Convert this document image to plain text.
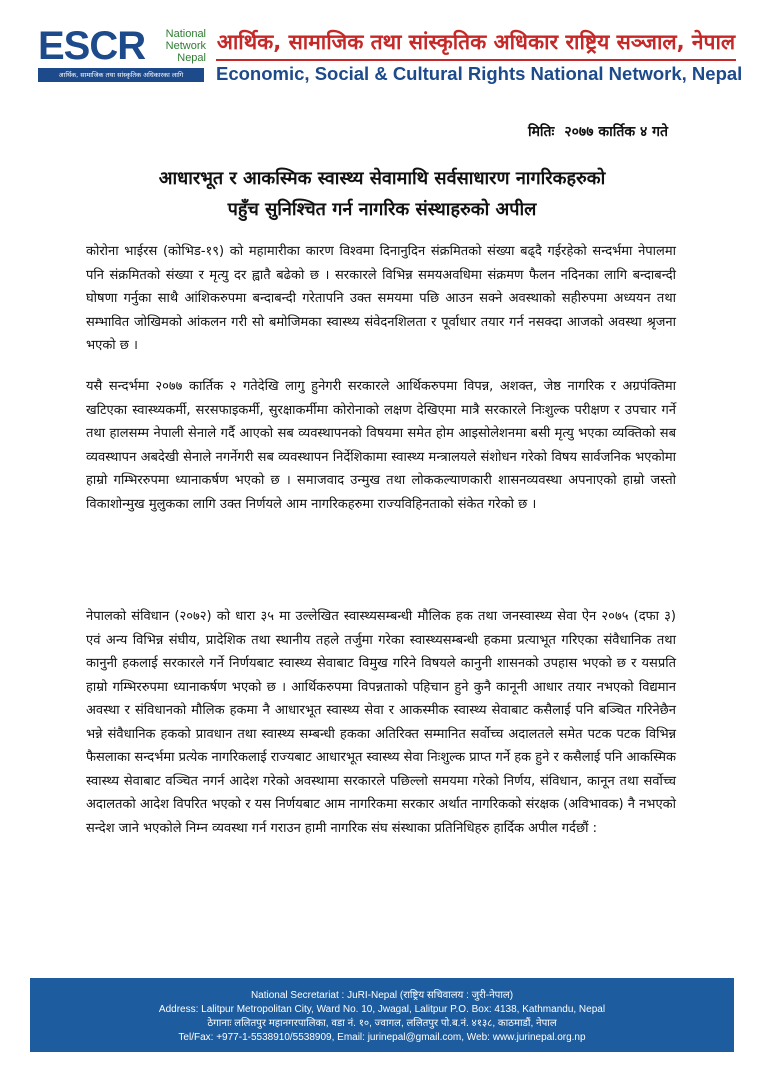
ESCR	National Network Nepal
आर्थिक, सामाजिक तथा सांस्कृतिक अधिकारका लागि
आर्थिक, सामाजिक तथा सांस्कृतिक अधिकार राष्ट्रिय सञ्जाल, नेपाल
Economic, Social & Cultural Rights National Network, Nepal
मितिः २०७७ कार्तिक ४ गते
आधारभूत र आकस्मिक स्वास्थ्य सेवामाथि सर्वसाधारण नागरिकहरुको
पहुँच सुनिश्चित गर्न नागरिक संस्थाहरुको अपील

कोरोना भाईरस (कोभिड-१९) को महामारीका कारण विश्वमा दिनानुदिन संक्रमितको संख्या बढ्दै गईरहेको सन्दर्भमा नेपालमा पनि संक्रमितको संख्या र मृत्यु दर ह्वातै बढेको छ । सरकारले विभिन्न समयअवधिमा संक्रमण फैलन नदिनका लागि बन्दाबन्दी घोषणा गर्नुका साथै आंशिकरुपमा बन्दाबन्दी गरेतापनि उक्त समयमा पछि आउन सक्ने अवस्थाको सहीरुपमा अध्ययन तथा सम्भावित जोखिमको आंकलन गरी सो बमोजिमका स्वास्थ्य संवेदनशिलता र पूर्वाधार तयार गर्न नसक्दा आजको अवस्था श्रृजना भएको छ ।

यसै सन्दर्भमा २०७७ कार्तिक २ गतेदेखि लागु हुनेगरी सरकारले आर्थिकरुपमा विपन्न, अशक्त, जेष्ठ नागरिक र अग्रपंक्तिमा खटिएका स्वास्थ्यकर्मी, सरसफाइकर्मी, सुरक्षाकर्मीमा कोरोनाको लक्षण देखिएमा मात्रै सरकारले निःशुल्क परीक्षण र उपचार गर्ने तथा हालसम्म नेपाली सेनाले गर्दै आएको सब व्यवस्थापनको विषयमा समेत होम आइसोलेशनमा बसी मृत्यु भएका व्यक्तिको सब व्यवस्थापन अबदेखी सेनाले नगर्नेगरी सब व्यवस्थापन निर्देशिकामा स्वास्थ्य मन्त्रालयले संशोधन गरेको विषय सार्वजनिक भएकोमा हाम्रो गम्भिररुपमा ध्यानाकर्षण भएको छ । समाजवाद उन्मुख तथा लोककल्याणकारी शासनव्यवस्था अपनाएको हाम्रो जस्तो विकाशोन्मुख मुलुकका लागि उक्त निर्णयले आम नागरिकहरुमा राज्यविहिनताको संकेत गरेको छ ।

नेपालको संविधान (२०७२) को धारा ३५ मा उल्लेखित स्वास्थ्यसम्बन्धी मौलिक हक तथा जनस्वास्थ्य सेवा ऐन २०७५ (दफा ३) एवं अन्य विभिन्न संघीय, प्रादेशिक तथा स्थानीय तहले तर्जुमा गरेका स्वास्थ्यसम्बन्धी हकमा प्रत्याभूत गरिएका संवैधानिक तथा कानुनी हकलाई सरकारले गर्ने निर्णयबाट स्वास्थ्य सेवाबाट विमुख गरिने विषयले कानुनी शासनको उपहास भएको छ र यसप्रति हाम्रो गम्भिररुपमा ध्यानाकर्षण भएको छ । आर्थिकरुपमा विपन्नताको पहिचान हुने कुनै कानूनी आधार तयार नभएको विद्यमान अवस्था र संविधानको मौलिक हकमा नै आधारभूत स्वास्थ्य सेवा र आकस्मीक स्वास्थ्य सेवाबाट कसैलाई पनि बञ्चित गरिनेछैन भन्ने संवैधानिक हकको प्रावधान तथा स्वास्थ्य सम्बन्धी हकका अतिरिक्त सम्मानित सर्वोच्च अदालतले समेत पटक पटक विभिन्न फैसलाका सन्दर्भमा प्रत्येक नागरिकलाई राज्यबाट आधारभूत स्वास्थ्य सेवा निःशुल्क प्राप्त गर्ने हक हुने र कसैलाई पनि आकस्मिक स्वास्थ्य सेवाबाट वञ्चित नगर्न आदेश गरेको अवस्थामा सरकारले पछिल्लो समयमा गरेको निर्णय, संविधान, कानून तथा सर्वोच्च अदालतको आदेश विपरित भएको र यस निर्णयबाट आम नागरिकमा सरकार अर्थात नागरिकको संरक्षक (अविभावक) नै नभएको सन्देश जाने भएकोले निम्न व्यवस्था गर्न गराउन हामी नागरिक संघ संस्थाका प्रतिनिधिहरु हार्दिक अपील गर्दछौं :

National Secretariat : JuRI-Nepal (राष्ट्रिय सचिवालय : जुरी-नेपाल)
Address: Lalitpur Metropolitan City, Ward No. 10, Jwagal, Lalitpur P.O. Box: 4138, Kathmandu, Nepal
ठेगानाः ललितपुर महानगरपालिका, वडा नं. १०, ज्वागल, ललितपुर पो.ब.नं. ४१३८, काठमाडौं, नेपाल
Tel/Fax: +977-1-5538910/5538909, Email: jurinepal@gmail.com, Web: www.jurinepal.org.np
